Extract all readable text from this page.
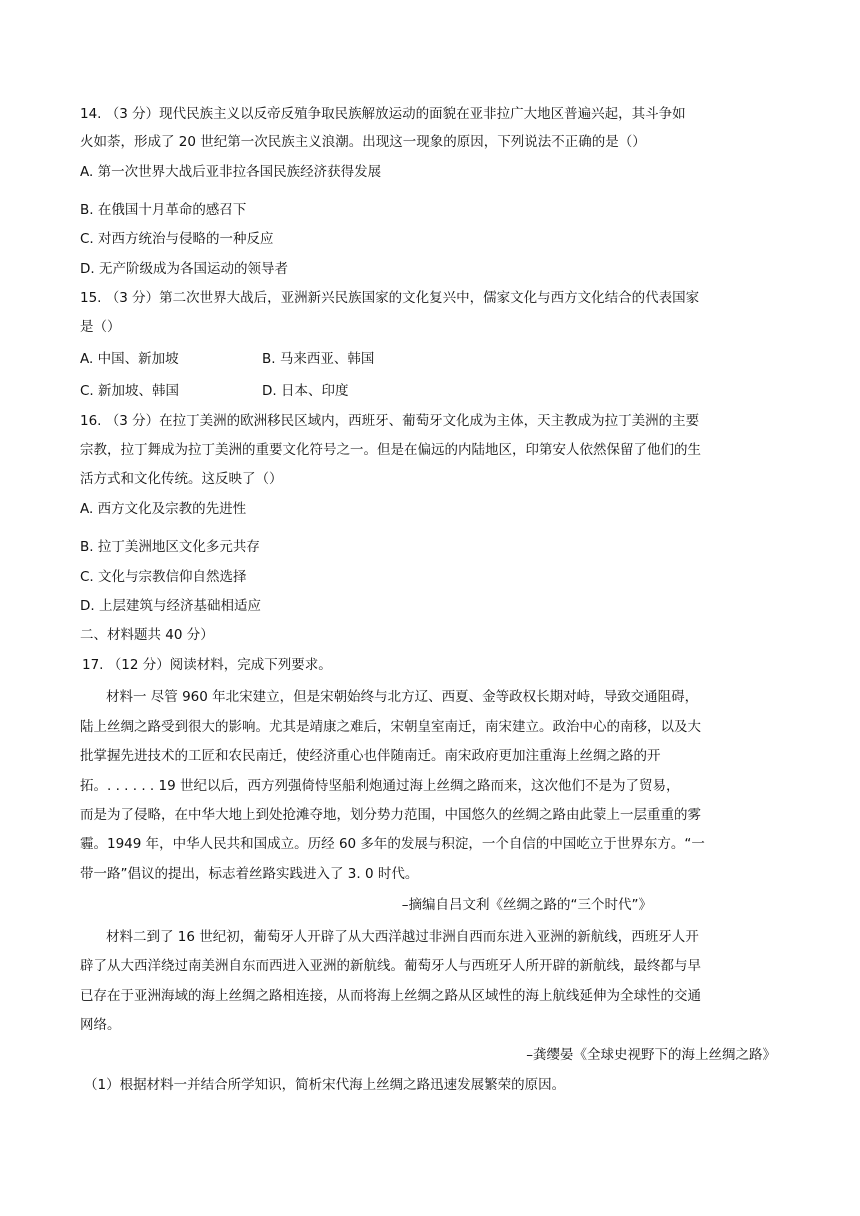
14. （3 分）现代民族主义以反帝反殖争取民族解放运动的面貌在亚非拉广大地区普遍兴起，其斗争如
火如荼，形成了 20 世纪第一次民族主义浪潮。出现这一现象的原因，下列说法不正确的是（）
A. 第一次世界大战后亚非拉各国民族经济获得发展
B. 在俄国十月革命的感召下
C. 对西方统治与侵略的一种反应
D. 无产阶级成为各国运动的领导者
15. （3 分）第二次世界大战后，亚洲新兴民族国家的文化复兴中，儒家文化与西方文化结合的代表国家
是（）
A. 中国、新加坡	B. 马来西亚、韩国
C. 新加坡、韩国	D. 日本、印度
16. （3 分）在拉丁美洲的欧洲移民区域内，西班牙、葡萄牙文化成为主体，天主教成为拉丁美洲的主要
宗教，拉丁舞成为拉丁美洲的重要文化符号之一。但是在偏远的内陆地区，印第安人依然保留了他们的生
活方式和文化传统。这反映了（）
A. 西方文化及宗教的先进性
B. 拉丁美洲地区文化多元共存
C. 文化与宗教信仰自然选择
D. 上层建筑与经济基础相适应
二、材料题共 40 分）
17. （12 分）阅读材料，完成下列要求。
材料一 尽管 960 年北宋建立，但是宋朝始终与北方辽、西夏、金等政权长期对峙，导致交通阻碍，
陆上丝绸之路受到很大的影响。尤其是靖康之难后，宋朝皇室南迁，南宋建立。政治中心的南移，以及大
批掌握先进技术的工匠和农民南迁，使经济重心也伴随南迁。南宋政府更加注重海上丝绸之路的开
拓。. . . . . . 19 世纪以后，西方列强倚恃坚船利炮通过海上丝绸之路而来，这次他们不是为了贸易，
而是为了侵略，在中华大地上到处抢滩夺地，划分势力范围，中国悠久的丝绸之路由此蒙上一层重重的雾
霾。1949 年，中华人民共和国成立。历经 60 多年的发展与积淀，一个自信的中国屹立于世界东方。“一
带一路”倡议的提出，标志着丝路实践进入了 3. 0 时代。
–摘编自吕文利《丝绸之路的“三个时代”》
材料二到了 16 世纪初，葡萄牙人开辟了从大西洋越过非洲自西而东进入亚洲的新航线，西班牙人开
辟了从大西洋绕过南美洲自东而西进入亚洲的新航线。葡萄牙人与西班牙人所开辟的新航线，最终都与早
已存在于亚洲海域的海上丝绸之路相连接，从而将海上丝绸之路从区域性的海上航线延伸为全球性的交通
网络。
–龚缨晏《全球史视野下的海上丝绸之路》
（1）根据材料一并结合所学知识，简析宋代海上丝绸之路迅速发展繁荣的原因。
